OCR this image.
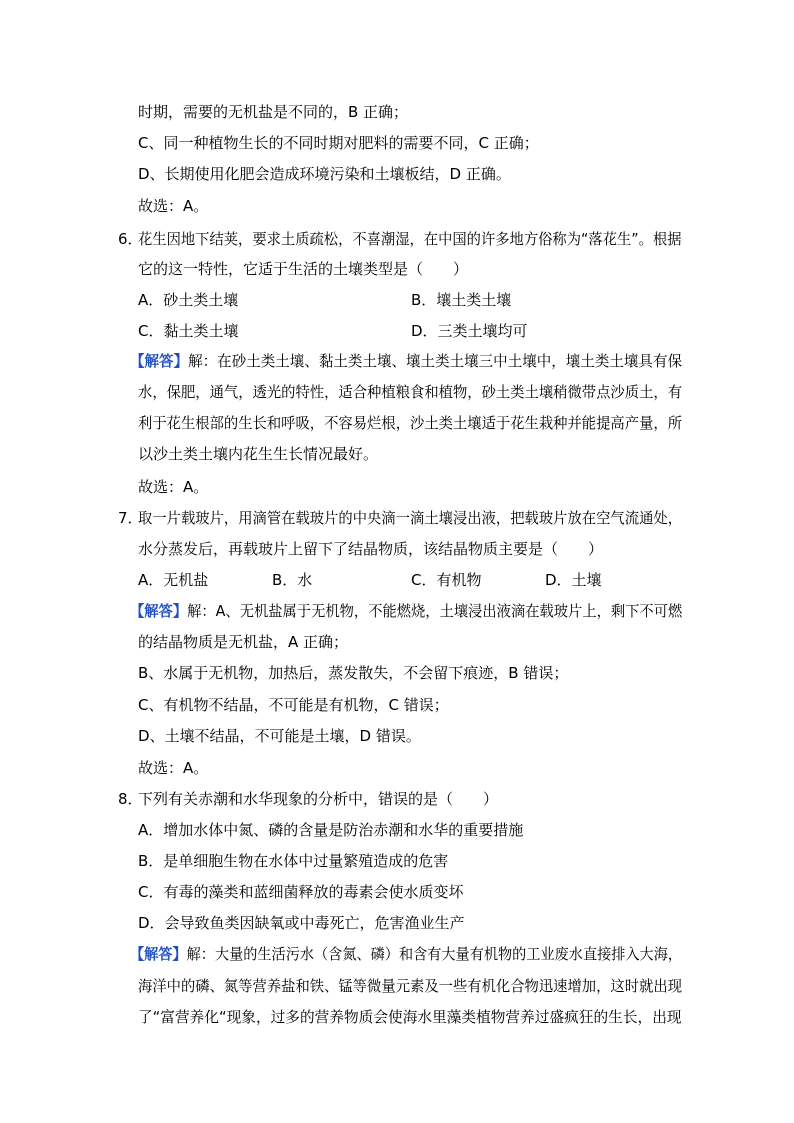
时期，需要的无机盐是不同的，B 正确；
C、同一种植物生长的不同时期对肥料的需要不同，C 正确；
D、长期使用化肥会造成环境污染和土壤板结，D 正确。
故选：A。
6．
花生因地下结荚，要求土质疏松，不喜潮湿，在中国的许多地方俗称为“落花生”。根据
它的这一特性，它适于生活的土壤类型是（　　）
A．砂土类土壤	B．壤土类土壤
C．黏土类土壤	D．三类土壤均可
【解答】解：在砂土类土壤、黏土类土壤、壤土类土壤三中土壤中，壤土类土壤具有保
水，保肥，通气，透光的特性，适合种植粮食和植物，砂土类土壤稍微带点沙质土，有
利于花生根部的生长和呼吸，不容易烂根，沙土类土壤适于花生栽种并能提高产量，所
以沙土类土壤内花生生长情况最好。
故选：A。
7．
取一片载玻片，用滴管在载玻片的中央滴一滴土壤浸出液，把载玻片放在空气流通处，
水分蒸发后，再载玻片上留下了结晶物质，该结晶物质主要是（　　）
A．无机盐	B．水	C．有机物	D．土壤
【解答】解：A、无机盐属于无机物，不能燃烧，土壤浸出液滴在载玻片上，剩下不可燃
的结晶物质是无机盐，A 正确；
B、水属于无机物，加热后，蒸发散失，不会留下痕迹，B 错误；
C、有机物不结晶，不可能是有机物，C 错误；
D、土壤不结晶，不可能是土壤，D 错误。
故选：A。
8．
下列有关赤潮和水华现象的分析中，错误的是（　　）
A．增加水体中氮、磷的含量是防治赤潮和水华的重要措施
B．是单细胞生物在水体中过量繁殖造成的危害
C．有毒的藻类和蓝细菌释放的毒素会使水质变坏
D．会导致鱼类因缺氧或中毒死亡，危害渔业生产
【解答】解：大量的生活污水（含氮、磷）和含有大量有机物的工业废水直接排入大海，
海洋中的磷、氮等营养盐和铁、锰等微量元素及一些有机化合物迅速增加，这时就出现
了“富营养化“现象，过多的营养物质会使海水里藻类植物营养过盛疯狂的生长，出现
